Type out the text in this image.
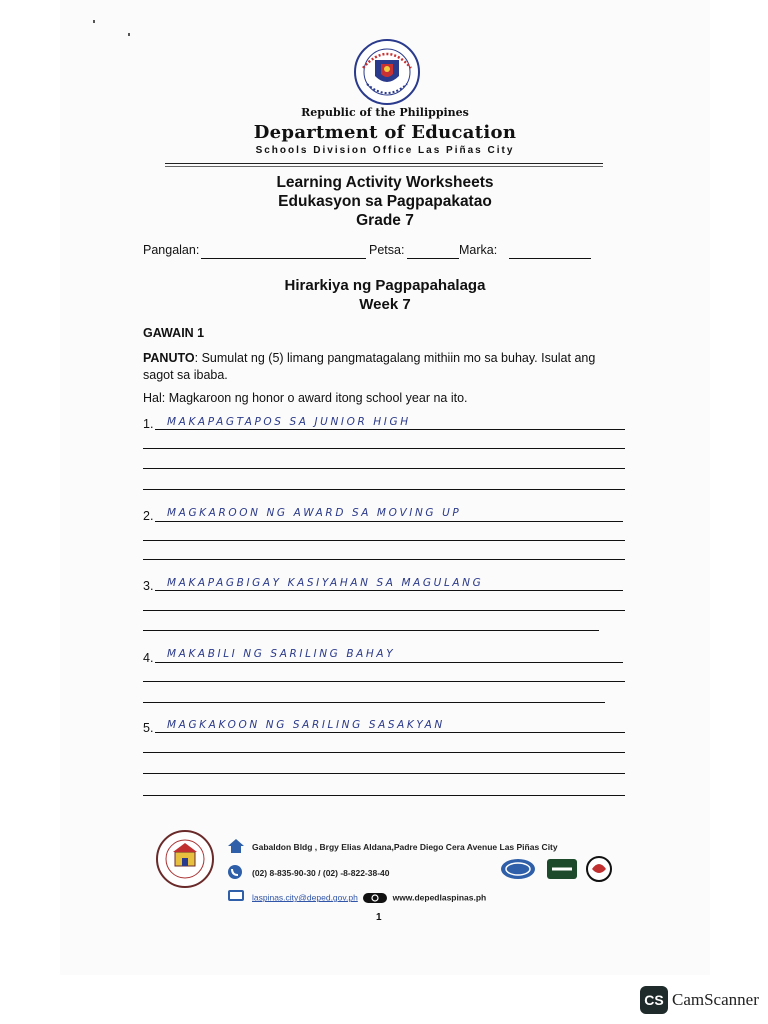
Republic of the Philippines
Department of Education
Schools Division Office Las Piñas City
Learning Activity Worksheets
Edukasyon sa Pagpapakatao
Grade 7
Pangalan:	Petsa:	Marka:
Hirarkiya ng Pagpapahalaga
Week 7
GAWAIN 1
PANUTO: Sumulat ng (5) limang pangmatagalang mithiin mo sa buhay. Isulat ang sagot sa ibaba.
Hal: Magkaroon ng honor o award itong school year na ito.
1. MAKAPAGTAPOS SA JUNIOR HIGH
2. MAGKAROON NG AWARD SA MOVING UP
3. MAKAPAGBIGAY KASIYAHAN SA MAGULANG
4. MAKABILI NG SARILING BAHAY
5. MAGKAKOON NG SARILING SASAKYAN
Gabaldon Bldg , Brgy Elias Aldana,Padre Diego Cera Avenue Las Piñas City
(02) 8-835-90-30 / (02) -8-822-38-40
laspinas.city@deped.gov.ph	www.depedlaspinas.ph
1
CS CamScanner
